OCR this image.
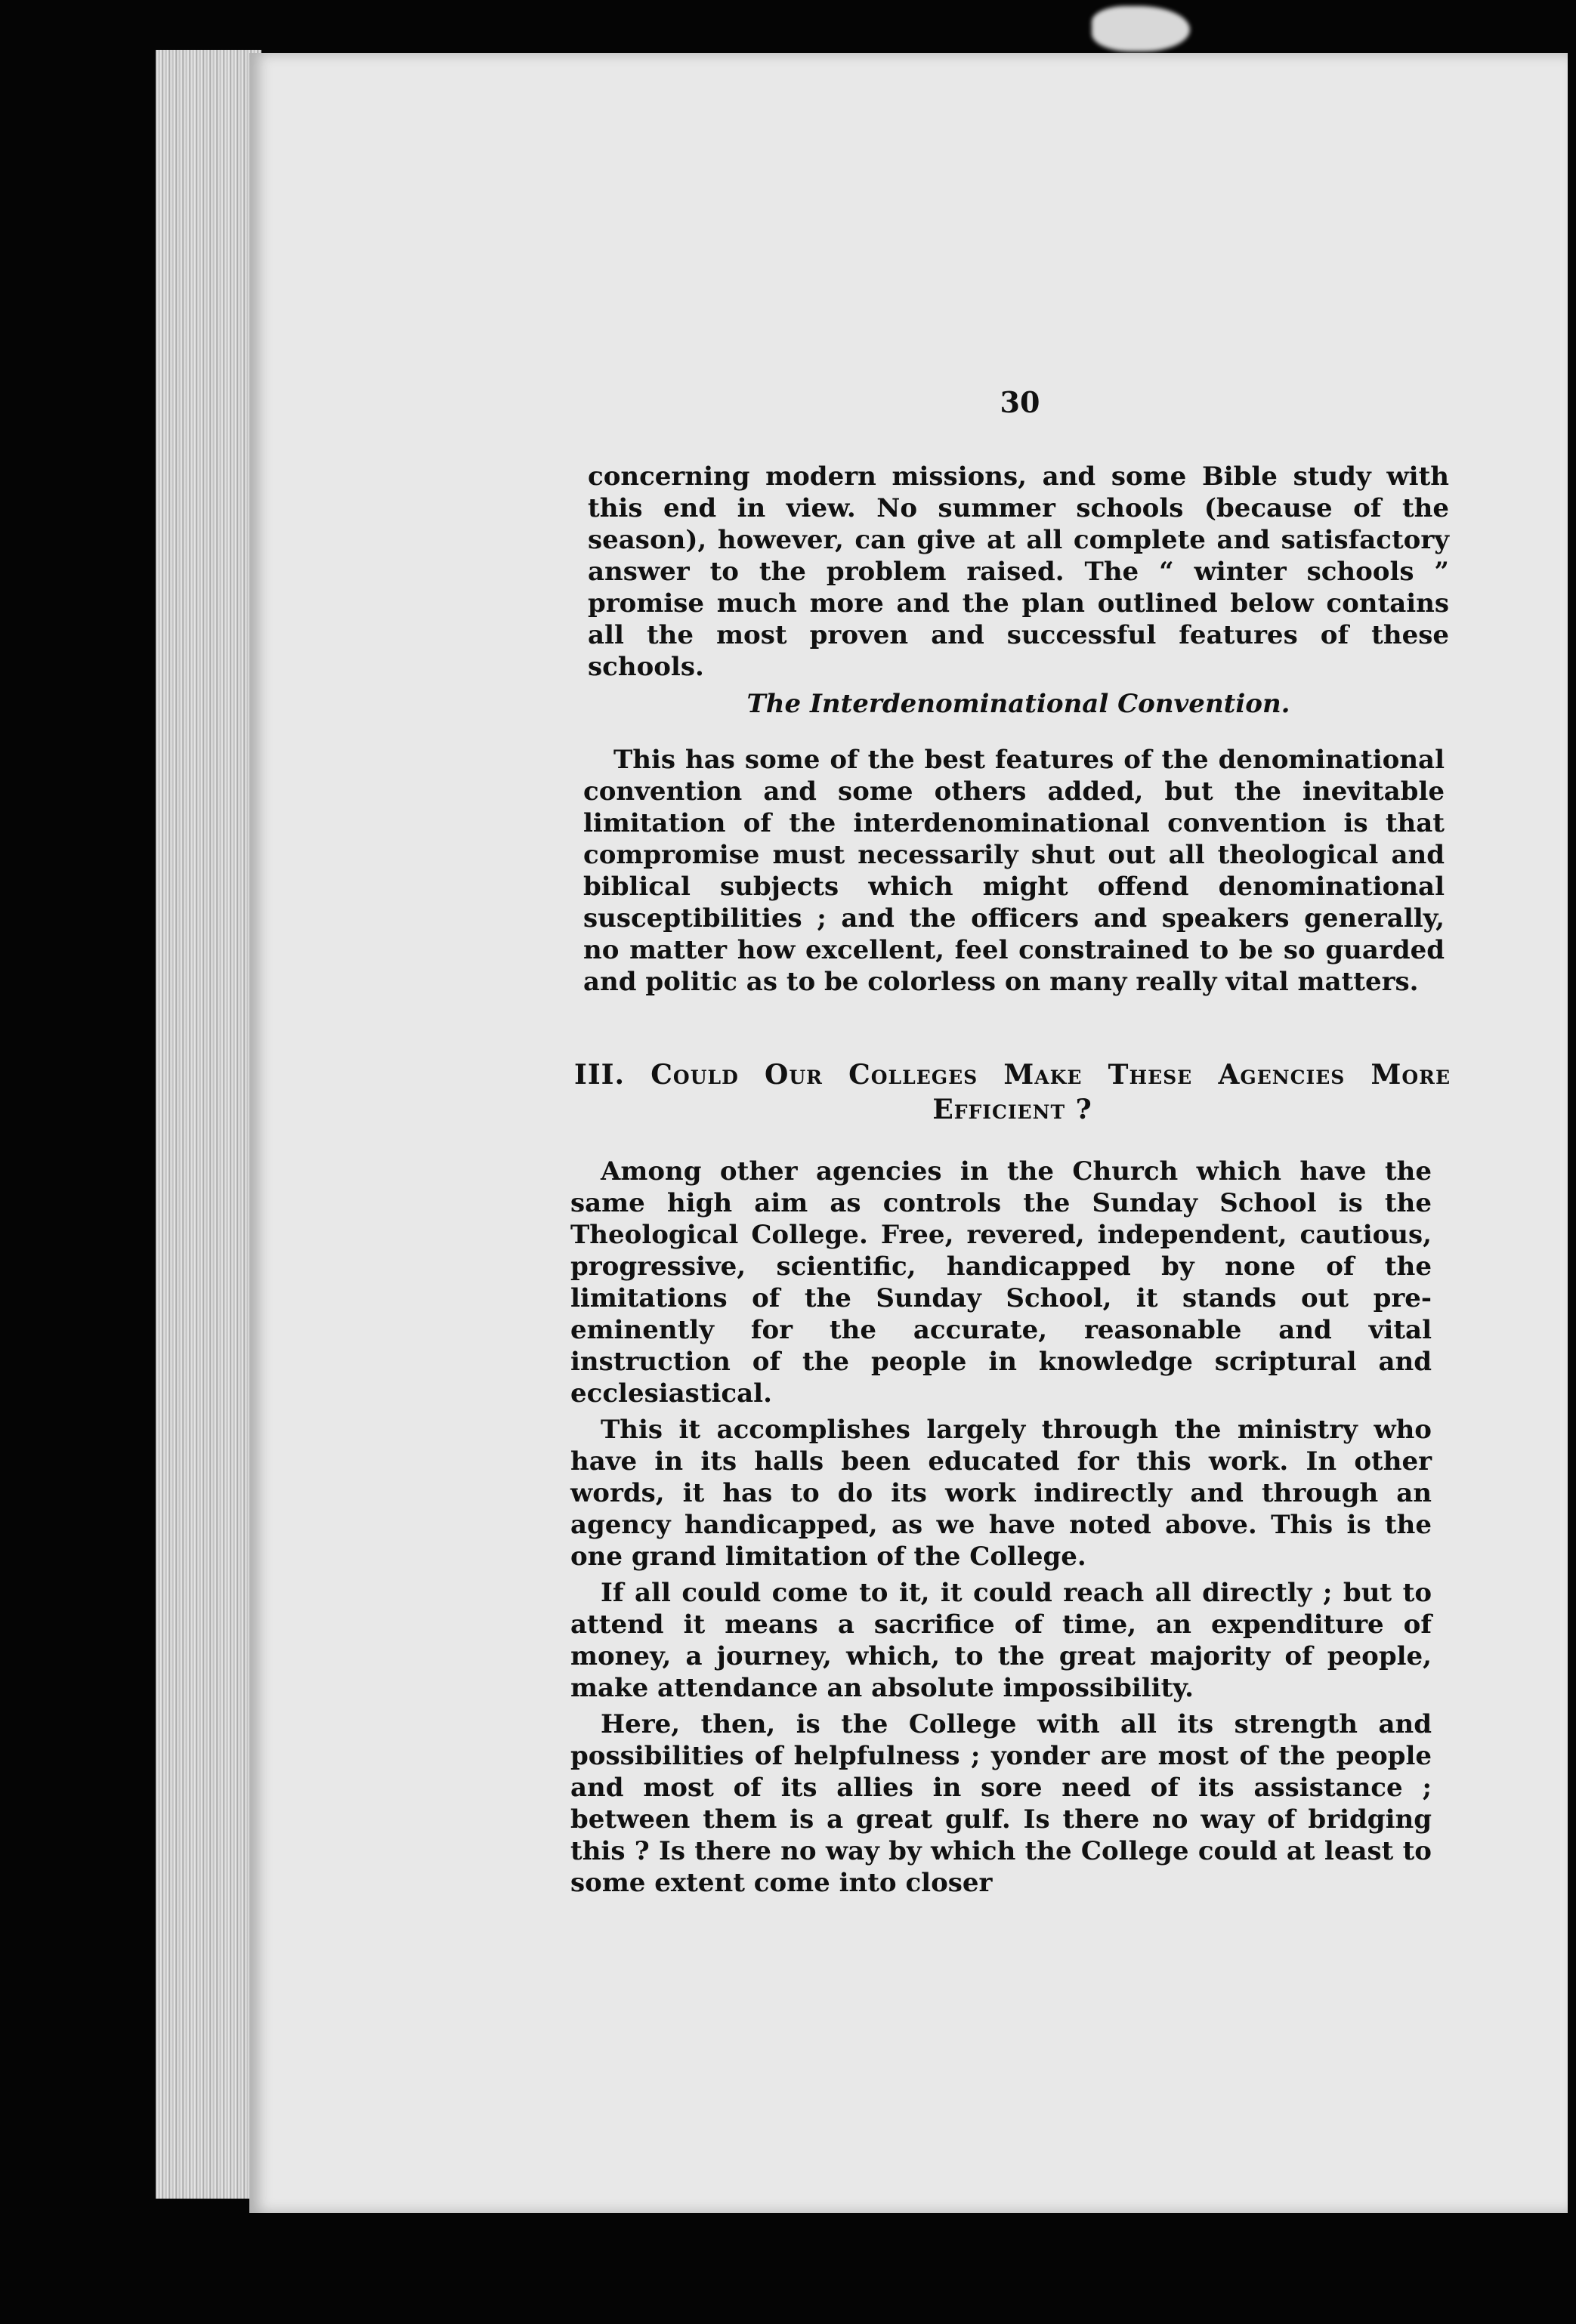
30

concerning modern missions, and some Bible study with this end in view. No summer schools (because of the season), however, can give at all complete and satisfactory answer to the problem raised. The “ winter schools ” promise much more and the plan outlined below contains all the most proven and successful features of these schools.

The Interdenominational Convention.

This has some of the best features of the denominational convention and some others added, but the inevitable limitation of the interdenominational convention is that compromise must necessarily shut out all theological and biblical subjects which might offend denominational susceptibilities ; and the officers and speakers generally, no matter how excellent, feel constrained to be so guarded and politic as to be colorless on many really vital matters.

III. Could Our Colleges Make These Agencies More
Efficient ?

Among other agencies in the Church which have the same high aim as controls the Sunday School is the Theological College. Free, revered, independent, cautious, progressive, scientific, handicapped by none of the limitations of the Sunday School, it stands out pre-eminently for the accurate, reasonable and vital instruction of the people in knowledge scriptural and ecclesiastical.

This it accomplishes largely through the ministry who have in its halls been educated for this work. In other words, it has to do its work indirectly and through an agency handicapped, as we have noted above. This is the one grand limitation of the College.

If all could come to it, it could reach all directly ; but to attend it means a sacrifice of time, an expenditure of money, a journey, which, to the great majority of people, make attendance an absolute impossibility.

Here, then, is the College with all its strength and possibilities of helpfulness ; yonder are most of the people and most of its allies in sore need of its assistance ; between them is a great gulf. Is there no way of bridging this ? Is there no way by which the College could at least to some extent come into closer
